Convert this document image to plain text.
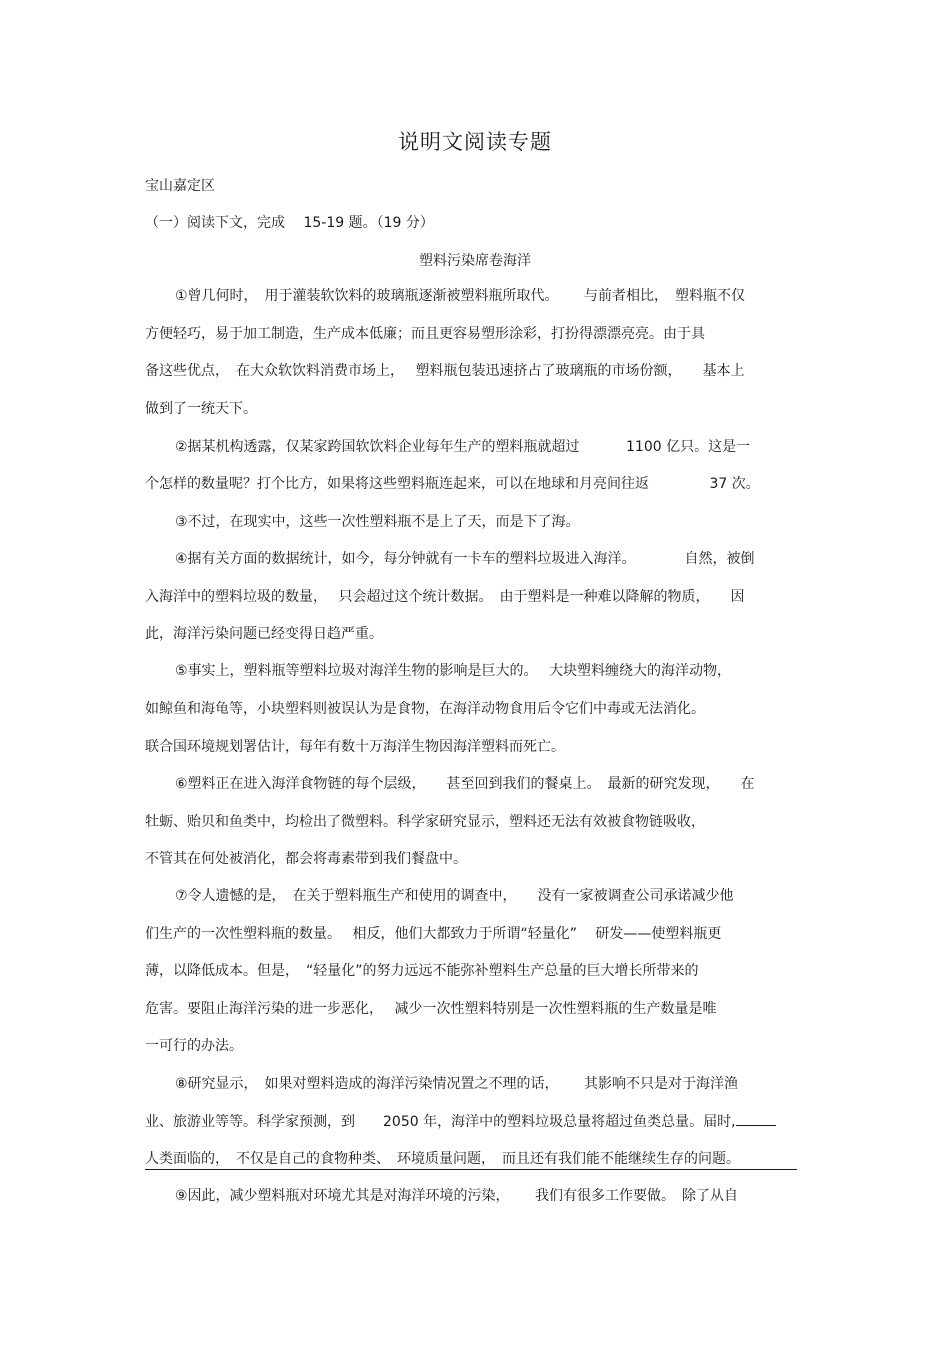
说明文阅读专题
宝山嘉定区
（一）阅读下文，完成　 15-19 题。（19 分）
塑料污染席卷海洋
①曾几何时，　用于灌装软饮料的玻璃瓶逐渐被塑料瓶所取代。　　 与前者相比，　塑料瓶不仅
方便轻巧，易于加工制造，生产成本低廉；而且更容易塑形涂彩，打扮得漂漂亮亮。由于具
备这些优点，　在大众软饮料消费市场上，　 塑料瓶包装迅速挤占了玻璃瓶的市场份额，　　基本上
做到了一统天下。
②据某机构透露，仅某家跨国软饮料企业每年生产的塑料瓶就超过　　　 1100 亿只。这是一
个怎样的数量呢？打个比方，如果将这些塑料瓶连起来，可以在地球和月亮间往返　　　　 37 次。
③不过，在现实中，这些一次性塑料瓶不是上了天，而是下了海。
④据有关方面的数据统计，如今，每分钟就有一卡车的塑料垃圾进入海洋。　　　　自然，被倒
入海洋中的塑料垃圾的数量，　 只会超过这个统计数据。　由于塑料是一种难以降解的物质，　　因
此，海洋污染问题已经变得日趋严重。
⑤事实上，塑料瓶等塑料垃圾对海洋生物的影响是巨大的。　 大块塑料缠绕大的海洋动物，
如鲸鱼和海龟等，小块塑料则被误认为是食物，在海洋动物食用后令它们中毒或无法消化。
联合国环境规划署估计，每年有数十万海洋生物因海洋塑料而死亡。
⑥塑料正在进入海洋食物链的每个层级，　　甚至回到我们的餐桌上。　最新的研究发现，　　在
牡蛎、贻贝和鱼类中，均检出了微塑料。科学家研究显示，塑料还无法有效被食物链吸收，
不管其在何处被消化，都会将毒素带到我们餐盘中。
⑦令人遗憾的是，　在关于塑料瓶生产和使用的调查中，　　没有一家被调查公司承诺减少他
们生产的一次性塑料瓶的数量。　 相反，他们大都致力于所谓“轻量化”　 研发——使塑料瓶更
薄，以降低成本。但是，　“轻量化”的努力远远不能弥补塑料生产总量的巨大增长所带来的
危害。要阻止海洋污染的进一步恶化，　 减少一次性塑料特别是一次性塑料瓶的生产数量是唯
一可行的办法。
⑧研究显示，　如果对塑料造成的海洋污染情况置之不理的话，　　 其影响不只是对于海洋渔
业、旅游业等等。科学家预测，到　　2050 年，海洋中的塑料垃圾总量将超过鱼类总量。届时,
人类面临的，　不仅是自己的食物种类、　环境质量问题，　而且还有我们能不能继续生存的问题。
⑨因此，减少塑料瓶对环境尤其是对海洋环境的污染，　　 我们有很多工作要做。　除了从自
